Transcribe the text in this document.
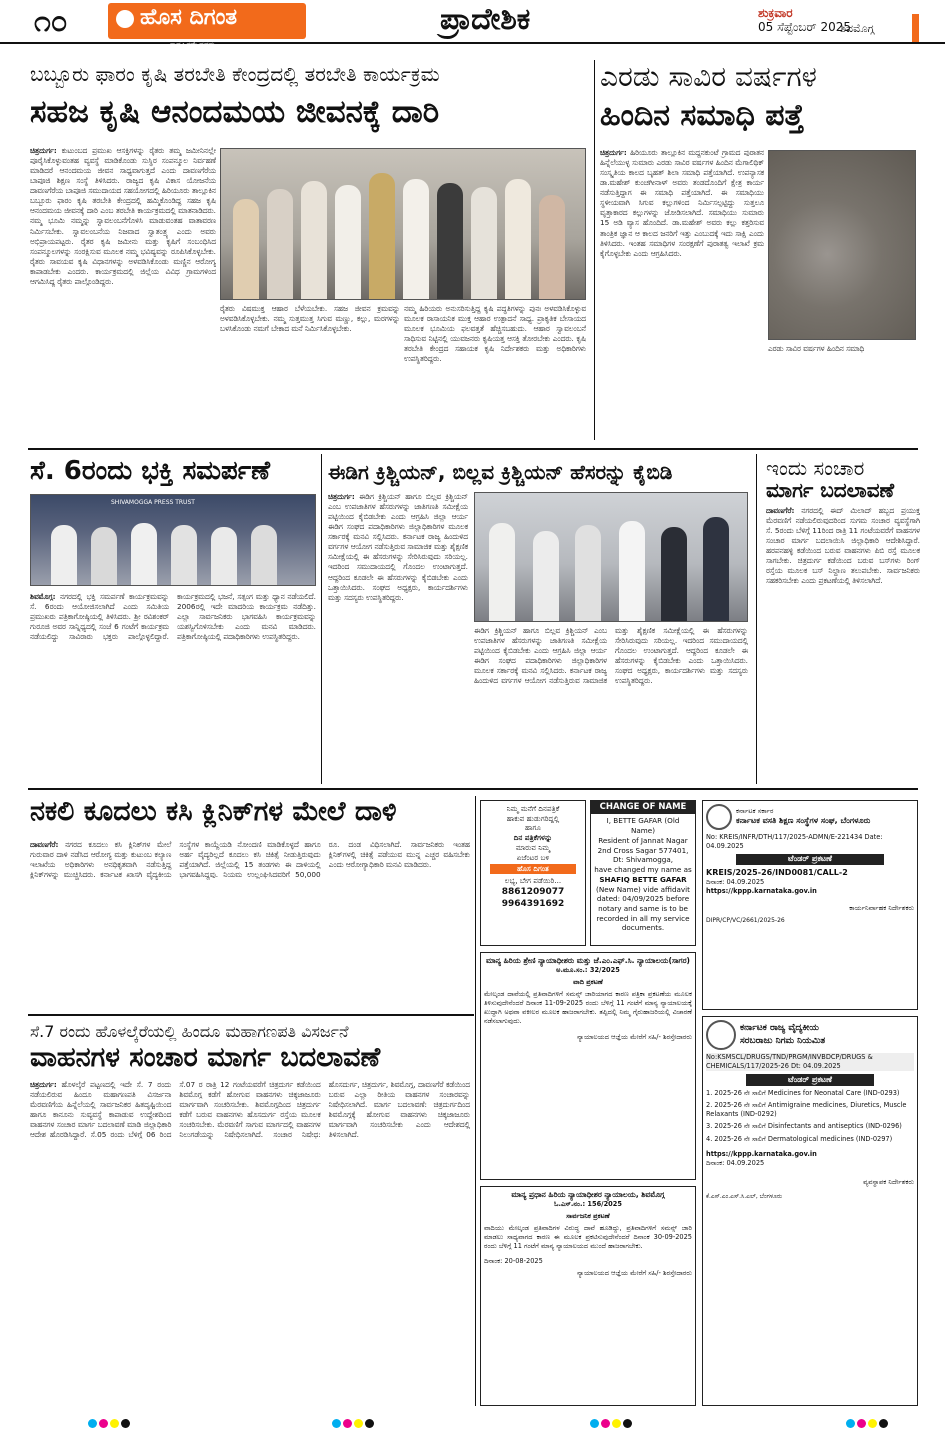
೧೦	ಹೊಸ ದಿಗಂತ
ರಾಷ್ಟ್ರಹಿತವೇ ಪ್ರಥಮ
ಪ್ರಾದೇಶಿಕ	ಶುಕ್ರವಾರ
05 ಸೆಪ್ಟೆಂಬರ್ 2025
ಶಿವಮೊಗ್ಗ
ಬಬ್ಬೂರು ಫಾರಂ ಕೃಷಿ ತರಬೇತಿ ಕೇಂದ್ರದಲ್ಲಿ ತರಬೇತಿ ಕಾರ್ಯಕ್ರಮ
ಸಹಜ ಕೃಷಿ ಆನಂದಮಯ ಜೀವನಕ್ಕೆ ದಾರಿ
ಚಿತ್ರದುರ್ಗ: ಕುಟುಂಬದ ಪ್ರಮುಖ ಆಸಕ್ತಿಗಳನ್ನು ರೈತರು ತಮ್ಮ ಜಮೀನಿನಲ್ಲೇ ಪೂರೈಸಿಕೊಳ್ಳುವಂತಹ ವ್ಯವಸ್ಥೆ ಮಾಡಿಕೊಂಡು ಸುಸ್ಥಿರ ಸಂಪನ್ಮೂಲ ನಿರ್ವಹಣೆ ಮಾಡಿದರೆ ಆನಂದಮಯ ಜೀವನ ಸಾಧ್ಯವಾಗುತ್ತದೆ ಎಂದು ದಾವಣಗೆರೆಯ ಬಾಪೂಜಿ ಶಿಕ್ಷಣ ಸಂಸ್ಥೆ ತಿಳಿಸಿದರು. ರಾಜ್ಯದ ಕೃಷಿ ವಿಕಾಸ ಯೋಜನೆಯ ದಾವಣಗೆರೆಯ ಬಾಪೂಜಿ ಸಮುದಾಯದ ಸಹಯೋಗದಲ್ಲಿ ಹಿರಿಯೂರು ತಾಲ್ಲೂಕಿನ ಬಬ್ಬೂರು ಫಾರಂ ಕೃಷಿ ತರಬೇತಿ ಕೇಂದ್ರದಲ್ಲಿ ಹಮ್ಮಿಕೊಂಡಿದ್ದ ಸಹಜ ಕೃಷಿ ಆನಂದಮಯ ಜೀವನಕ್ಕೆ ದಾರಿ ಎಂಬ ತರಬೇತಿ ಕಾರ್ಯಕ್ರಮದಲ್ಲಿ ಮಾತನಾಡಿದರು. ನಮ್ಮ ಭೂಮಿ ನಮ್ಮನ್ನು ಸ್ವಾವಲಂಬನೆಗೊಳಿಸಿ ಮಾಡುವಂತಹ ವಾತಾವರಣ ನಿರ್ಮಿಸಬೇಕು. ಸ್ವಾವಲಂಬನೆಯ ನಿಜವಾದ ಸ್ವಾತಂತ್ರ್ಯ ಎಂದು ಅವರು ಅಭಿಪ್ರಾಯಪಟ್ಟರು. ರೈತರ ಕೃಷಿ ಜಮೀನು ಮತ್ತು ಕೃಷಿಗೆ ಸಂಬಂಧಿಸಿದ ಸಂಪನ್ಮೂಲಗಳನ್ನು ಸಂರಕ್ಷಿಸುವ ಮೂಲಕ ನಮ್ಮ ಭವಿಷ್ಯವನ್ನು ರೂಪಿಸಿಕೊಳ್ಳಬೇಕು. ರೈತರು ಸಾವಯವ ಕೃಷಿ ವಿಧಾನಗಳನ್ನು ಅಳವಡಿಸಿಕೊಂಡು ಮಣ್ಣಿನ ಆರೋಗ್ಯ ಕಾಪಾಡಬೇಕು ಎಂದರು. ಕಾರ್ಯಕ್ರಮದಲ್ಲಿ ಜಿಲ್ಲೆಯ ವಿವಿಧ ಗ್ರಾಮಗಳಿಂದ ಆಗಮಿಸಿದ್ದ ರೈತರು ಪಾಲ್ಗೊಂಡಿದ್ದರು.
ರೈತರು ವಿಷಮುಕ್ತ ಆಹಾರ ಬೆಳೆಯಬೇಕು. ಸಹಜ ಜೀವನ ಕ್ರಮವನ್ನು ಅಳವಡಿಸಿಕೊಳ್ಳಬೇಕು. ನಮ್ಮ ಸುತ್ತಮುತ್ತ ಸಿಗುವ ಮಣ್ಣು, ಕಲ್ಲು, ಮರಗಳನ್ನು ಬಳಸಿಕೊಂಡು ನಮಗೆ ಬೇಕಾದ ಮನೆ ನಿರ್ಮಿಸಿಕೊಳ್ಳಬೇಕು.
ನಮ್ಮ ಹಿರಿಯರು ಅನುಸರಿಸುತ್ತಿದ್ದ ಕೃಷಿ ಪದ್ಧತಿಗಳನ್ನು ಪುನಃ ಅಳವಡಿಸಿಕೊಳ್ಳುವ ಮೂಲಕ ರಾಸಾಯನಿಕ ಮುಕ್ತ ಆಹಾರ ಉತ್ಪಾದನೆ ಸಾಧ್ಯ. ಪ್ರಾಕೃತಿಕ ಬೇಸಾಯದ ಮೂಲಕ ಭೂಮಿಯ ಫಲವತ್ತತೆ ಹೆಚ್ಚಿಸಬಹುದು. ಆಹಾರ ಸ್ವಾವಲಂಬನೆ ಸಾಧಿಸುವ ನಿಟ್ಟಿನಲ್ಲಿ ಯುವಜನರು ಕೃಷಿಯತ್ತ ಆಸಕ್ತಿ ತೋರಬೇಕು ಎಂದರು. ಕೃಷಿ ತರಬೇತಿ ಕೇಂದ್ರದ ಸಹಾಯಕ ಕೃಷಿ ನಿರ್ದೇಶಕರು ಮತ್ತು ಅಧಿಕಾರಿಗಳು ಉಪಸ್ಥಿತರಿದ್ದರು.
ಎರಡು ಸಾವಿರ ವರ್ಷಗಳ
ಹಿಂದಿನ ಸಮಾಧಿ ಪತ್ತೆ
ಚಿತ್ರದುರ್ಗ: ಹಿರಿಯೂರು ತಾಲ್ಲೂಕಿನ ಮದ್ದನಕುಂಟೆ ಗ್ರಾಮದ ಪುರಾತನ ಹಿನ್ನೆಲೆಯುಳ್ಳ ಸುಮಾರು ಎರಡು ಸಾವಿರ ವರ್ಷಗಳ ಹಿಂದಿನ ಮೆಗಾಲಿಥಿಕ್ ಸಂಸ್ಕೃತಿಯ ಕಾಲದ ಬೃಹತ್ ಶಿಲಾ ಸಮಾಧಿ ಪತ್ತೆಯಾಗಿದೆ. ಉಪನ್ಯಾಸಕ ಡಾ.ಮಹೇಶ್ ಕುಂಚಗೀನಾಳ್ ಅವರು ತಂಡದೊಂದಿಗೆ ಕ್ಷೇತ್ರ ಕಾರ್ಯ ನಡೆಸುತ್ತಿದ್ದಾಗ ಈ ಸಮಾಧಿ ಪತ್ತೆಯಾಗಿದೆ. ಈ ಸಮಾಧಿಯು ಸ್ಥಳೀಯವಾಗಿ ಸಿಗುವ ಕಲ್ಲುಗಳಿಂದ ನಿರ್ಮಿಸಲ್ಪಟ್ಟಿದ್ದು ಸುತ್ತಲೂ ವೃತ್ತಾಕಾರದ ಕಲ್ಲುಗಳನ್ನು ಜೋಡಿಸಲಾಗಿದೆ. ಸಮಾಧಿಯು ಸುಮಾರು 15 ಅಡಿ ವ್ಯಾಸ ಹೊಂದಿದೆ. ಡಾ.ಮಹೇಶ್ ಅವರು ಕಲ್ಲು ಕತ್ತರಿಸುವ ತಾಂತ್ರಿಕ ಜ್ಞಾನ ಆ ಕಾಲದ ಜನರಿಗೆ ಇತ್ತು ಎಂಬುದಕ್ಕೆ ಇದು ಸಾಕ್ಷಿ ಎಂದು ತಿಳಿಸಿದರು. ಇಂತಹ ಸಮಾಧಿಗಳ ಸಂರಕ್ಷಣೆಗೆ ಪುರಾತತ್ವ ಇಲಾಖೆ ಕ್ರಮ ಕೈಗೊಳ್ಳಬೇಕು ಎಂದು ಆಗ್ರಹಿಸಿದರು.
ಎರಡು ಸಾವಿರ ವರ್ಷಗಳ ಹಿಂದಿನ ಸಮಾಧಿ
ಸೆ. 6ರಂದು ಭಕ್ತಿ ಸಮರ್ಪಣೆ
SHIVAMOGGA PRESS TRUST
ಶಿವಮೊಗ್ಗ: ನಗರದಲ್ಲಿ ಭಕ್ತಿ ಸಮರ್ಪಣೆ ಕಾರ್ಯಕ್ರಮವನ್ನು ಸೆ. 6ರಂದು ಆಯೋಜಿಸಲಾಗಿದೆ ಎಂದು ಸಮಿತಿಯ ಪ್ರಮುಖರು ಪತ್ರಿಕಾಗೋಷ್ಠಿಯಲ್ಲಿ ತಿಳಿಸಿದರು. ಶ್ರೀ ರವಿಶಂಕರ್ ಗುರೂಜಿ ಅವರ ಸಾನ್ನಿಧ್ಯದಲ್ಲಿ ಸಂಜೆ 6 ಗಂಟೆಗೆ ಕಾರ್ಯಕ್ರಮ ನಡೆಯಲಿದ್ದು ಸಾವಿರಾರು ಭಕ್ತರು ಪಾಲ್ಗೊಳ್ಳಲಿದ್ದಾರೆ. ಕಾರ್ಯಕ್ರಮದಲ್ಲಿ ಭಜನೆ, ಸತ್ಸಂಗ ಮತ್ತು ಧ್ಯಾನ ನಡೆಯಲಿದೆ. 2006ರಲ್ಲಿ ಇದೇ ಮಾದರಿಯ ಕಾರ್ಯಕ್ರಮ ನಡೆದಿತ್ತು. ಎಲ್ಲಾ ಸಾರ್ವಜನಿಕರು ಭಾಗವಹಿಸಿ ಕಾರ್ಯಕ್ರಮವನ್ನು ಯಶಸ್ವಿಗೊಳಿಸಬೇಕು ಎಂದು ಮನವಿ ಮಾಡಿದರು. ಪತ್ರಿಕಾಗೋಷ್ಠಿಯಲ್ಲಿ ಪದಾಧಿಕಾರಿಗಳು ಉಪಸ್ಥಿತರಿದ್ದರು.
ಈಡಿಗ ಕ್ರಿಶ್ಚಿಯನ್, ಬಿಲ್ಲವ ಕ್ರಿಶ್ಚಿಯನ್ ಹೆಸರನ್ನು ಕೈಬಿಡಿ
ಚಿತ್ರದುರ್ಗ: ಈಡಿಗ ಕ್ರಿಶ್ಚಿಯನ್ ಹಾಗೂ ಬಿಲ್ಲವ ಕ್ರಿಶ್ಚಿಯನ್ ಎಂಬ ಉಪಜಾತಿಗಳ ಹೆಸರುಗಳನ್ನು ಜಾತಿಗಣತಿ ಸಮೀಕ್ಷೆಯ ಪಟ್ಟಿಯಿಂದ ಕೈಬಿಡಬೇಕು ಎಂದು ಆಗ್ರಹಿಸಿ ಜಿಲ್ಲಾ ಆರ್ಯ ಈಡಿಗ ಸಂಘದ ಪದಾಧಿಕಾರಿಗಳು ಜಿಲ್ಲಾಧಿಕಾರಿಗಳ ಮೂಲಕ ಸರ್ಕಾರಕ್ಕೆ ಮನವಿ ಸಲ್ಲಿಸಿದರು. ಕರ್ನಾಟಕ ರಾಜ್ಯ ಹಿಂದುಳಿದ ವರ್ಗಗಳ ಆಯೋಗ ನಡೆಸುತ್ತಿರುವ ಸಾಮಾಜಿಕ ಮತ್ತು ಶೈಕ್ಷಣಿಕ ಸಮೀಕ್ಷೆಯಲ್ಲಿ ಈ ಹೆಸರುಗಳನ್ನು ಸೇರಿಸಿರುವುದು ಸರಿಯಲ್ಲ. ಇದರಿಂದ ಸಮುದಾಯದಲ್ಲಿ ಗೊಂದಲ ಉಂಟಾಗುತ್ತದೆ. ಆದ್ದರಿಂದ ಕೂಡಲೇ ಈ ಹೆಸರುಗಳನ್ನು ಕೈಬಿಡಬೇಕು ಎಂದು ಒತ್ತಾಯಿಸಿದರು. ಸಂಘದ ಅಧ್ಯಕ್ಷರು, ಕಾರ್ಯದರ್ಶಿಗಳು ಮತ್ತು ಸದಸ್ಯರು ಉಪಸ್ಥಿತರಿದ್ದರು.
ಈಡಿಗ ಕ್ರಿಶ್ಚಿಯನ್ ಹಾಗೂ ಬಿಲ್ಲವ ಕ್ರಿಶ್ಚಿಯನ್ ಎಂಬ ಉಪಜಾತಿಗಳ ಹೆಸರುಗಳನ್ನು ಜಾತಿಗಣತಿ ಸಮೀಕ್ಷೆಯ ಪಟ್ಟಿಯಿಂದ ಕೈಬಿಡಬೇಕು ಎಂದು ಆಗ್ರಹಿಸಿ ಜಿಲ್ಲಾ ಆರ್ಯ ಈಡಿಗ ಸಂಘದ ಪದಾಧಿಕಾರಿಗಳು ಜಿಲ್ಲಾಧಿಕಾರಿಗಳ ಮೂಲಕ ಸರ್ಕಾರಕ್ಕೆ ಮನವಿ ಸಲ್ಲಿಸಿದರು. ಕರ್ನಾಟಕ ರಾಜ್ಯ ಹಿಂದುಳಿದ ವರ್ಗಗಳ ಆಯೋಗ ನಡೆಸುತ್ತಿರುವ ಸಾಮಾಜಿಕ ಮತ್ತು ಶೈಕ್ಷಣಿಕ ಸಮೀಕ್ಷೆಯಲ್ಲಿ ಈ ಹೆಸರುಗಳನ್ನು ಸೇರಿಸಿರುವುದು ಸರಿಯಲ್ಲ. ಇದರಿಂದ ಸಮುದಾಯದಲ್ಲಿ ಗೊಂದಲ ಉಂಟಾಗುತ್ತದೆ. ಆದ್ದರಿಂದ ಕೂಡಲೇ ಈ ಹೆಸರುಗಳನ್ನು ಕೈಬಿಡಬೇಕು ಎಂದು ಒತ್ತಾಯಿಸಿದರು. ಸಂಘದ ಅಧ್ಯಕ್ಷರು, ಕಾರ್ಯದರ್ಶಿಗಳು ಮತ್ತು ಸದಸ್ಯರು ಉಪಸ್ಥಿತರಿದ್ದರು.
ಇಂದು ಸಂಚಾರ
ಮಾರ್ಗ ಬದಲಾವಣೆ
ದಾವಣಗೆರೆ: ನಗರದಲ್ಲಿ ಈದ್ ಮಿಲಾದ್ ಹಬ್ಬದ ಪ್ರಯುಕ್ತ ಮೆರವಣಿಗೆ ನಡೆಯಲಿರುವುದರಿಂದ ಸುಗಮ ಸಂಚಾರ ವ್ಯವಸ್ಥೆಗಾಗಿ ಸೆ. 5ರಂದು ಬೆಳಿಗ್ಗೆ 11ರಿಂದ ರಾತ್ರಿ 11 ಗಂಟೆಯವರೆಗೆ ವಾಹನಗಳ ಸಂಚಾರ ಮಾರ್ಗ ಬದಲಾಯಿಸಿ ಜಿಲ್ಲಾಧಿಕಾರಿ ಆದೇಶಿಸಿದ್ದಾರೆ. ಹರಪನಹಳ್ಳಿ ಕಡೆಯಿಂದ ಬರುವ ವಾಹನಗಳು ಪಿಬಿ ರಸ್ತೆ ಮೂಲಕ ಸಾಗಬೇಕು. ಚಿತ್ರದುರ್ಗ ಕಡೆಯಿಂದ ಬರುವ ಬಸ್‌ಗಳು ರಿಂಗ್ ರಸ್ತೆಯ ಮೂಲಕ ಬಸ್ ನಿಲ್ದಾಣ ತಲುಪಬೇಕು. ಸಾರ್ವಜನಿಕರು ಸಹಕರಿಸಬೇಕು ಎಂದು ಪ್ರಕಟಣೆಯಲ್ಲಿ ತಿಳಿಸಲಾಗಿದೆ.
ನಕಲಿ ಕೂದಲು ಕಸಿ ಕ್ಲಿನಿಕ್‌ಗಳ ಮೇಲೆ ದಾಳಿ
ದಾವಣಗೆರೆ: ನಗರದ ಕೂದಲು ಕಸಿ ಕ್ಲಿನಿಕ್‌ಗಳ ಮೇಲೆ ಗುರುವಾರ ದಾಳಿ ನಡೆಸಿದ ಆರೋಗ್ಯ ಮತ್ತು ಕುಟುಂಬ ಕಲ್ಯಾಣ ಇಲಾಖೆಯ ಅಧಿಕಾರಿಗಳು ಅನಧಿಕೃತವಾಗಿ ನಡೆಸುತ್ತಿದ್ದ ಕ್ಲಿನಿಕ್‌ಗಳನ್ನು ಮುಚ್ಚಿಸಿದರು. ಕರ್ನಾಟಕ ಖಾಸಗಿ ವೈದ್ಯಕೀಯ ಸಂಸ್ಥೆಗಳ ಕಾಯ್ದೆಯಡಿ ನೋಂದಣಿ ಮಾಡಿಕೊಳ್ಳದೆ ಹಾಗೂ ಅರ್ಹ ವೈದ್ಯರಿಲ್ಲದೆ ಕೂದಲು ಕಸಿ ಚಿಕಿತ್ಸೆ ನೀಡುತ್ತಿರುವುದು ಪತ್ತೆಯಾಗಿದೆ. ಜಿಲ್ಲೆಯಲ್ಲಿ 15 ತಂಡಗಳು ಈ ದಾಳಿಯಲ್ಲಿ ಭಾಗವಹಿಸಿದ್ದವು. ನಿಯಮ ಉಲ್ಲಂಘಿಸಿದವರಿಗೆ 50,000 ರೂ. ದಂಡ ವಿಧಿಸಲಾಗಿದೆ. ಸಾರ್ವಜನಿಕರು ಇಂತಹ ಕ್ಲಿನಿಕ್‌ಗಳಲ್ಲಿ ಚಿಕಿತ್ಸೆ ಪಡೆಯುವ ಮುನ್ನ ಎಚ್ಚರ ವಹಿಸಬೇಕು ಎಂದು ಆರೋಗ್ಯಾಧಿಕಾರಿ ಮನವಿ ಮಾಡಿದರು.
ಸೆ.7 ರಂದು ಹೊಳಲ್ಕೆರೆಯಲ್ಲಿ ಹಿಂದೂ ಮಹಾಗಣಪತಿ ವಿಸರ್ಜನೆ
ವಾಹನಗಳ ಸಂಚಾರ ಮಾರ್ಗ ಬದಲಾವಣೆ
ಚಿತ್ರದುರ್ಗ: ಹೊಳಲ್ಕೆರೆ ಪಟ್ಟಣದಲ್ಲಿ ಇದೇ ಸೆ. 7 ರಂದು ನಡೆಯಲಿರುವ ಹಿಂದೂ ಮಹಾಗಣಪತಿ ವಿಸರ್ಜನಾ ಮೆರವಣಿಗೆಯ ಹಿನ್ನೆಲೆಯಲ್ಲಿ ಸಾರ್ವಜನಿಕರ ಹಿತದೃಷ್ಟಿಯಿಂದ ಹಾಗೂ ಕಾನೂನು ಸುವ್ಯವಸ್ಥೆ ಕಾಪಾಡುವ ಉದ್ದೇಶದಿಂದ ವಾಹನಗಳ ಸಂಚಾರ ಮಾರ್ಗ ಬದಲಾವಣೆ ಮಾಡಿ ಜಿಲ್ಲಾಧಿಕಾರಿ ಆದೇಶ ಹೊರಡಿಸಿದ್ದಾರೆ. ಸೆ.05 ರಂದು ಬೆಳಿಗ್ಗೆ 06 ರಿಂದ ಸೆ.07 ರ ರಾತ್ರಿ 12 ಗಂಟೆಯವರೆಗೆ ಚಿತ್ರದುರ್ಗ ಕಡೆಯಿಂದ ಶಿವಮೊಗ್ಗ ಕಡೆಗೆ ಹೋಗುವ ವಾಹನಗಳು ಚಿಕ್ಕಜಾಜೂರು ಮಾರ್ಗವಾಗಿ ಸಂಚರಿಸಬೇಕು. ಶಿವಮೊಗ್ಗದಿಂದ ಚಿತ್ರದುರ್ಗ ಕಡೆಗೆ ಬರುವ ವಾಹನಗಳು ಹೊಸದುರ್ಗ ರಸ್ತೆಯ ಮೂಲಕ ಸಂಚರಿಸಬೇಕು. ಮೆರವಣಿಗೆ ಸಾಗುವ ಮಾರ್ಗದಲ್ಲಿ ವಾಹನಗಳ ನಿಲುಗಡೆಯನ್ನು ನಿಷೇಧಿಸಲಾಗಿದೆ. ಸಂಚಾರ ನಿಷೇಧ: ಹೊಸದುರ್ಗ, ಚಿತ್ರದುರ್ಗ, ಶಿವಮೊಗ್ಗ, ದಾವಣಗೆರೆ ಕಡೆಯಿಂದ ಬರುವ ಎಲ್ಲಾ ರೀತಿಯ ವಾಹನಗಳ ಸಂಚಾರವನ್ನು ನಿಷೇಧಿಸಲಾಗಿದೆ. ಮಾರ್ಗ ಬದಲಾವಣೆ: ಚಿತ್ರದುರ್ಗದಿಂದ ಶಿವಮೊಗ್ಗಕ್ಕೆ ಹೋಗುವ ವಾಹನಗಳು ಚಿಕ್ಕಜಾಜೂರು ಮಾರ್ಗವಾಗಿ ಸಂಚರಿಸಬೇಕು ಎಂದು ಆದೇಶದಲ್ಲಿ ತಿಳಿಸಲಾಗಿದೆ.
ನಿಮ್ಮ ಮನೆಗೆ ದಿನಪತ್ರಿಕೆ
ಹಾಕುವ ಹುಡುಗರಿದ್ದಲ್ಲಿ
ಹಾಗೂ
ದಿನ ಪತ್ರಿಕೆಗಳನ್ನು
ಮಾರುವ ನಿಮ್ಮ
ಏಜೆಂಟರ ಬಳಿ
ಹೊಸ ದಿಗಂತ
ಲಭ್ಯ, ಬೇಗ ಪಡೆಯಿರಿ...
8861209077
9964391692
CHANGE OF NAME
I, BETTE GAFAR (Old Name)
Resident of Jannat Nagar 2nd Cross Sagar 577401, Dt: Shivamogga,
have changed my name as
SHAFIQ BETTE GAFAR
(New Name) vide affidavit dated: 04/09/2025 before notary and same is to be recorded in all my service documents.
ಕರ್ನಾಟಕ ಸರ್ಕಾರ
ಕರ್ನಾಟಕ ವಸತಿ ಶಿಕ್ಷಣ ಸಂಸ್ಥೆಗಳ ಸಂಘ, ಬೆಂಗಳೂರು
No: KREIS/INFR/DTH/117/2025-ADMN/E-221434 Date: 04.09.2025
ಟೆಂಡರ್ ಪ್ರಕಟಣೆ
KREIS/2025-26/IND0081/CALL-2
ದಿನಾಂಕ: 04.09.2025
https://kppp.karnataka.gov.in
ಕಾರ್ಯನಿರ್ವಾಹಕ ನಿರ್ದೇಶಕರು
DIPR/CP/VC/2661/2025-26
ಮಾನ್ಯ ಹಿರಿಯ ಶ್ರೇಣಿ ನ್ಯಾಯಾಧೀಶರು ಮತ್ತು ಜೆ.ಎಂ.ಎಫ್.ಸಿ. ನ್ಯಾಯಾಲಯ(ಸಾಗರ)
ಅ.ಮೂ.ಸಂ.: 32/2025
ವಾದಿ ಪ್ರಕಟಣೆ
ಮೇಲ್ಕಂಡ ದಾವೆಯಲ್ಲಿ ಪ್ರತಿವಾದಿಗಳಿಗೆ ಸಮನ್ಸ್ ಜಾರಿಯಾಗದ ಕಾರಣ ಪತ್ರಿಕಾ ಪ್ರಕಟಣೆಯ ಮೂಲಕ ತಿಳಿಸುವುದೇನೆಂದರೆ ದಿನಾಂಕ 11-09-2025 ರಂದು ಬೆಳಿಗ್ಗೆ 11 ಗಂಟೆಗೆ ಮಾನ್ಯ ನ್ಯಾಯಾಲಯಕ್ಕೆ ಖುದ್ದಾಗಿ ಅಥವಾ ವಕೀಲರ ಮೂಲಕ ಹಾಜರಾಗಬೇಕು. ತಪ್ಪಿದಲ್ಲಿ ನಿಮ್ಮ ಗೈರುಹಾಜರಿಯಲ್ಲಿ ವಿಚಾರಣೆ ನಡೆಸಲಾಗುವುದು.
ನ್ಯಾಯಾಲಯದ ಆಜ್ಞೆಯ ಮೇರೆಗೆ ಸಹಿ/- ಶಿರಸ್ತೇದಾರರು
ಮಾನ್ಯ ಪ್ರಧಾನ ಹಿರಿಯ ನ್ಯಾಯಾಧೀಶರ ನ್ಯಾಯಾಲಯ, ಶಿವಮೊಗ್ಗ
ಓ.ಎಸ್.ನಂ.: 156/2025
ಸಾರ್ವಜನಿಕ ಪ್ರಕಟಣೆ
ವಾದಿಯು ಮೇಲ್ಕಂಡ ಪ್ರತಿವಾದಿಗಳ ವಿರುದ್ಧ ದಾವೆ ಹೂಡಿದ್ದು, ಪ್ರತಿವಾದಿಗಳಿಗೆ ಸಮನ್ಸ್ ಜಾರಿ ಮಾಡಲು ಸಾಧ್ಯವಾಗದ ಕಾರಣ ಈ ಮೂಲಕ ಪ್ರಕಟಿಸುವುದೇನೆಂದರೆ ದಿನಾಂಕ 30-09-2025 ರಂದು ಬೆಳಿಗ್ಗೆ 11 ಗಂಟೆಗೆ ಮಾನ್ಯ ನ್ಯಾಯಾಲಯದ ಮುಂದೆ ಹಾಜರಾಗಬೇಕು.
ದಿನಾಂಕ: 20-08-2025
ನ್ಯಾಯಾಲಯದ ಆಜ್ಞೆಯ ಮೇರೆಗೆ ಸಹಿ/- ಶಿರಸ್ತೇದಾರರು
ಕರ್ನಾಟಕ ರಾಜ್ಯ ವೈದ್ಯಕೀಯ
ಸರಬರಾಜು ನಿಗಮ ನಿಯಮಿತ
No:KSMSCL/DRUGS/TND/PRGM/INVBDCP/DRUGS & CHEMICALS/117/2025-26 Dt: 04.09.2025
ಟೆಂಡರ್ ಪ್ರಕಟಣೆ
1. 2025-26 ನೇ ಸಾಲಿಗೆ Medicines for Neonatal Care (IND-0293)
2. 2025-26 ನೇ ಸಾಲಿಗೆ Antimigraine medicines, Diuretics, Muscle Relaxants (IND-0292)
3. 2025-26 ನೇ ಸಾಲಿಗೆ Disinfectants and antiseptics (IND-0296)
4. 2025-26 ನೇ ಸಾಲಿಗೆ Dermatological medicines (IND-0297)
https://kppp.karnataka.gov.in
ದಿನಾಂಕ: 04.09.2025
ವ್ಯವಸ್ಥಾಪಕ ನಿರ್ದೇಶಕರು
ಕೆ.ಎಸ್.ಎಂ.ಎಸ್.ಸಿ.ಎಲ್, ಬೆಂಗಳೂರು
